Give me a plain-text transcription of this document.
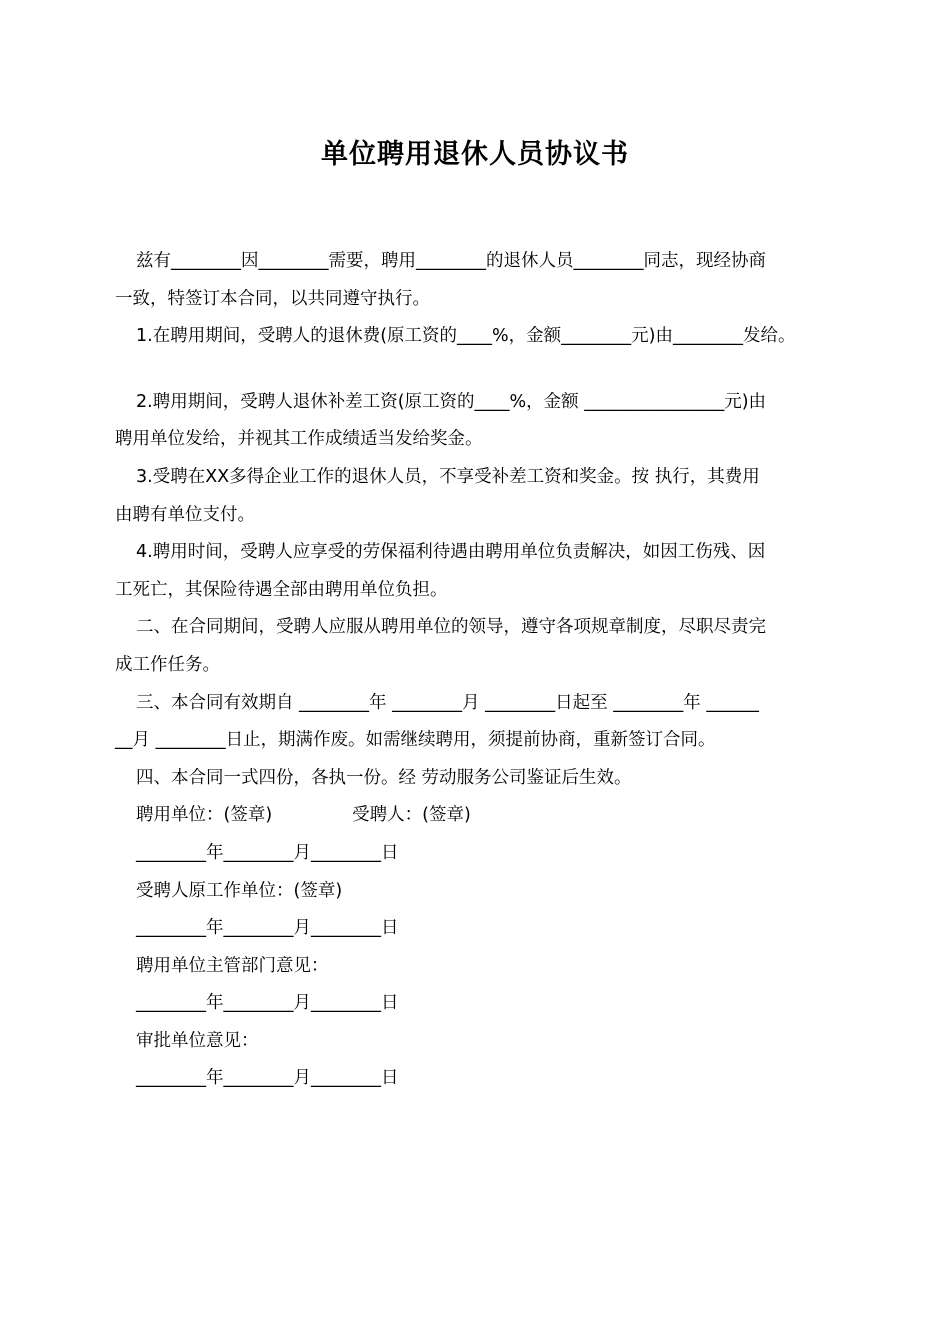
单位聘用退休人员协议书

兹有________因________需要，聘用________的退休人员________同志，现经协商

一致，特签订本合同，以共同遵守执行。

1.在聘用期间，受聘人的退休费(原工资的____%，金额________元)由________发给。

2.聘用期间，受聘人退休补差工资(原工资的____%，金额 ________________元)由

聘用单位发给，并视其工作成绩适当发给奖金。

3.受聘在XX多得企业工作的退休人员，不享受补差工资和奖金。按 执行，其费用

由聘有单位支付。

4.聘用时间，受聘人应享受的劳保福利待遇由聘用单位负责解决，如因工伤残、因

工死亡，其保险待遇全部由聘用单位负担。

二、在合同期间，受聘人应服从聘用单位的领导，遵守各项规章制度，尽职尽责完

成工作任务。

三、本合同有效期自 ________年 ________月 ________日起至 ________年 ______

__月 ________日止，期满作废。如需继续聘用，须提前协商，重新签订合同。

四、本合同一式四份，各执一份。经 劳动服务公司鉴证后生效。

聘用单位：(签章)	受聘人：(签章)

________年________月________日

受聘人原工作单位：(签章)

________年________月________日

聘用单位主管部门意见：

________年________月________日

审批单位意见：

________年________月________日
